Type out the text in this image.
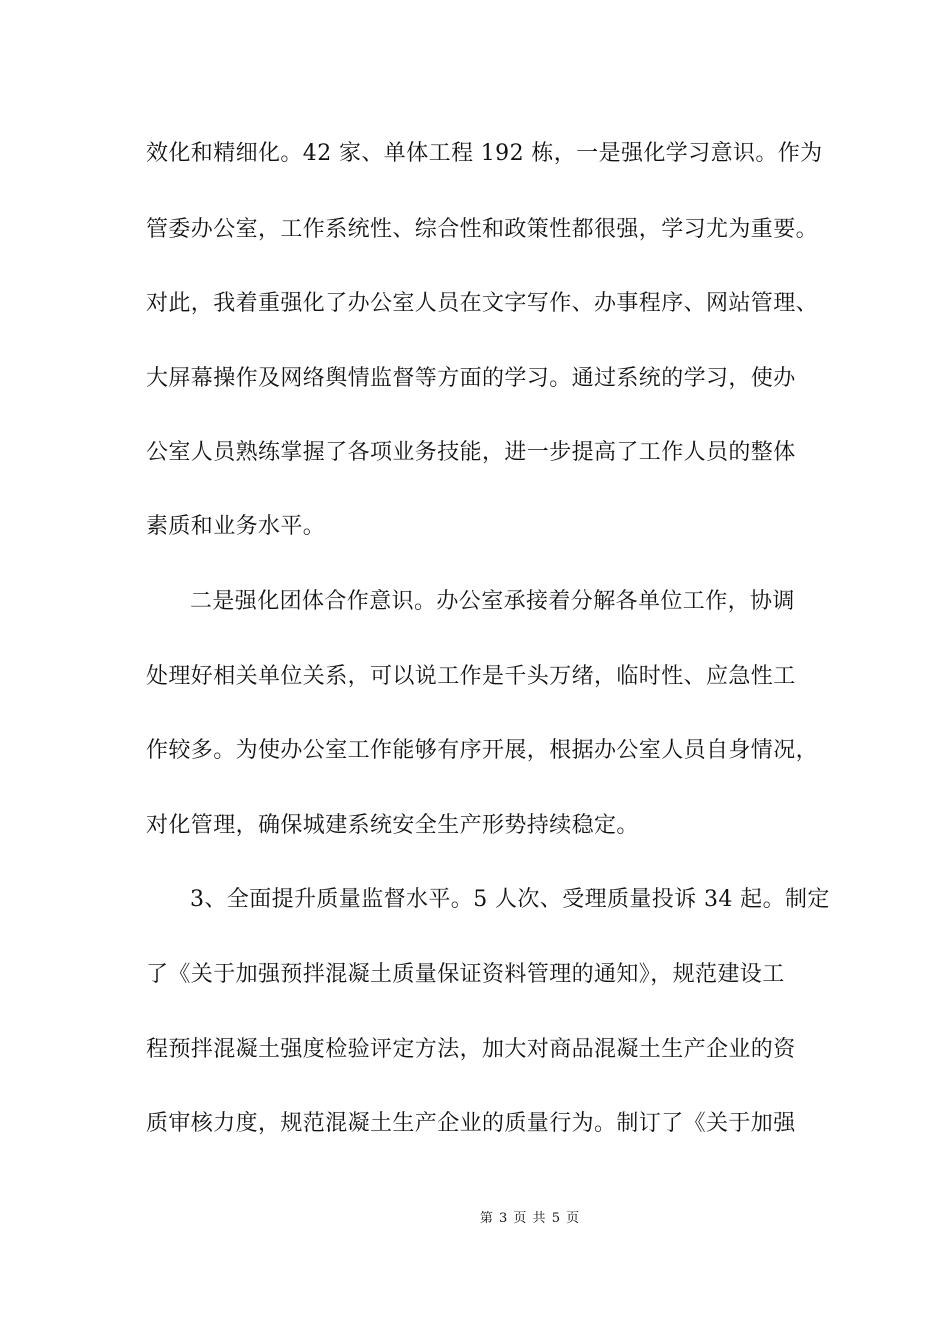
效化和精细化。42 家、单体工程 192 栋，一是强化学习意识。作为
管委办公室，工作系统性、综合性和政策性都很强，学习尤为重要。
对此，我着重强化了办公室人员在文字写作、办事程序、网站管理、
大屏幕操作及网络舆情监督等方面的学习。通过系统的学习，使办
公室人员熟练掌握了各项业务技能，进一步提高了工作人员的整体
素质和业务水平。
二是强化团体合作意识。办公室承接着分解各单位工作，协调
处理好相关单位关系，可以说工作是千头万绪，临时性、应急性工
作较多。为使办公室工作能够有序开展，根据办公室人员自身情况，
对化管理，确保城建系统安全生产形势持续稳定。
3、全面提升质量监督水平。5 人次、受理质量投诉 34 起。制定
了《关于加强预拌混凝土质量保证资料管理的通知》，规范建设工
程预拌混凝土强度检验评定方法，加大对商品混凝土生产企业的资
质审核力度，规范混凝土生产企业的质量行为。制订了《关于加强
第 3 页 共 5 页
